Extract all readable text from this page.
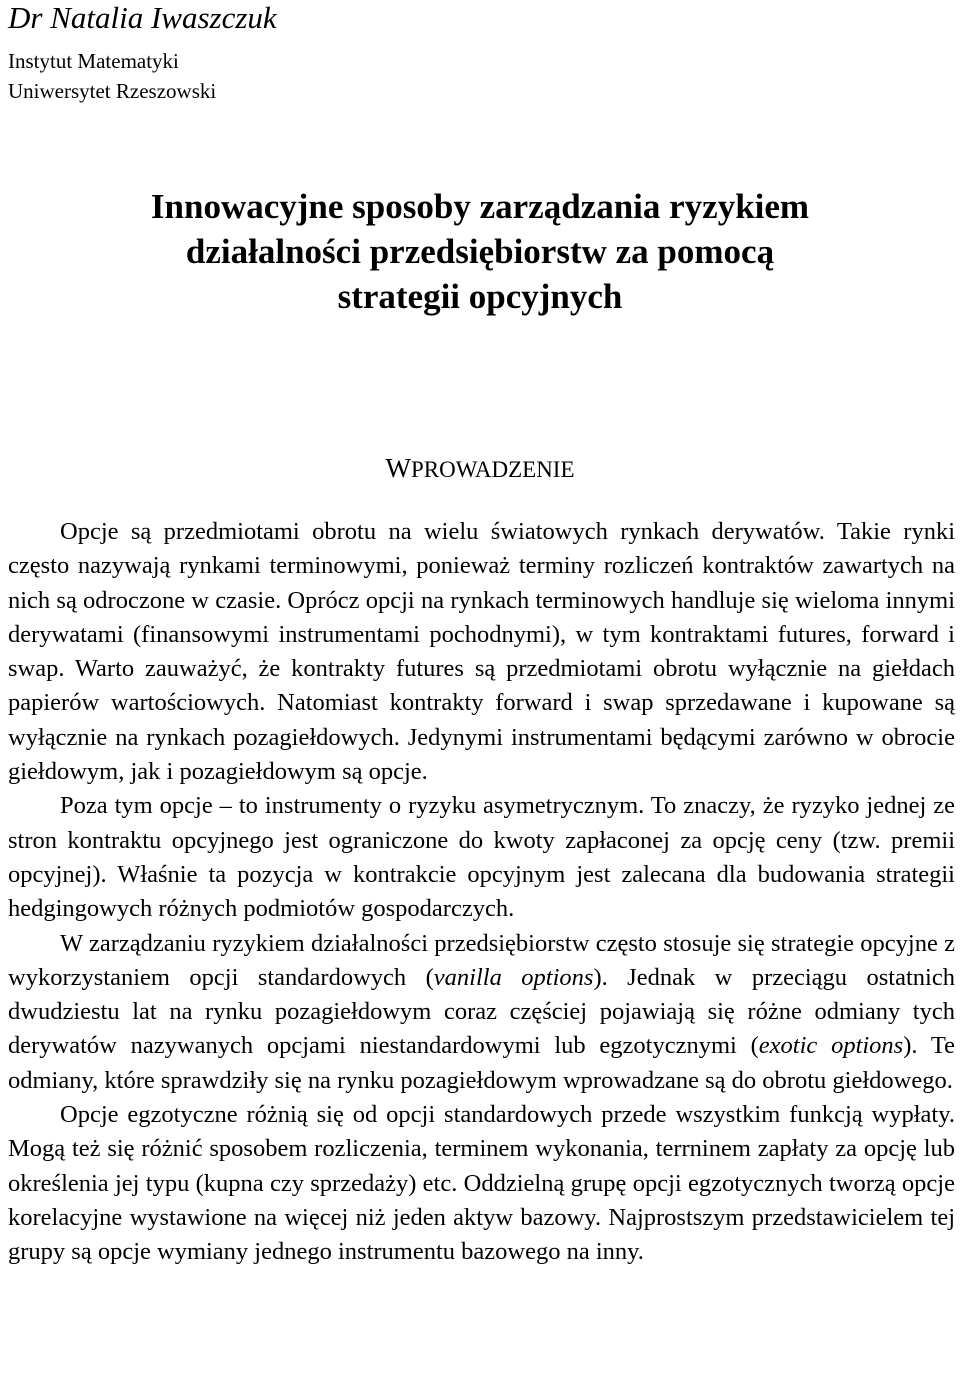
Dr Natalia Iwaszczuk
Instytut Matematyki
Uniwersytet Rzeszowski
Innowacyjne sposoby zarządzania ryzykiem
działalności przedsiębiorstw za pomocą
strategii opcyjnych
WPROWADZENIE

Opcje są przedmiotami obrotu na wielu światowych rynkach derywatów. Takie rynki często nazywają rynkami terminowymi, ponieważ terminy rozliczeń kontraktów zawartych na nich są odroczone w czasie. Oprócz opcji na rynkach terminowych handluje się wieloma innymi derywatami (finansowymi instrumentami pochodnymi), w tym kontraktami futures, forward i swap. Warto zauważyć, że kontrakty futures są przedmiotami obrotu wyłącznie na giełdach papierów wartościowych. Natomiast kontrakty forward i swap sprzedawane i kupowane są wyłącznie na rynkach pozagiełdowych. Jedynymi instrumentami będącymi zarówno w obrocie giełdowym, jak i pozagiełdowym są opcje.

Poza tym opcje – to instrumenty o ryzyku asymetrycznym. To znaczy, że ryzyko jednej ze stron kontraktu opcyjnego jest ograniczone do kwoty zapłaconej za opcję ceny (tzw. premii opcyjnej). Właśnie ta pozycja w kontrakcie opcyjnym jest zalecana dla budowania strategii hedgingowych różnych podmiotów gospodarczych.

W zarządzaniu ryzykiem działalności przedsiębiorstw często stosuje się strategie opcyjne z wykorzystaniem opcji standardowych (vanilla options). Jednak w przeciągu ostatnich dwudziestu lat na rynku pozagiełdowym coraz częściej pojawiają się różne odmiany tych derywatów nazywanych opcjami niestandardowymi lub egzotycznymi (exotic options). Te odmiany, które sprawdziły się na rynku pozagiełdowym wprowadzane są do obrotu giełdowego.

Opcje egzotyczne różnią się od opcji standardowych przede wszystkim funkcją wypłaty. Mogą też się różnić sposobem rozliczenia, terminem wykonania, terrninem zapłaty za opcję lub określenia jej typu (kupna czy sprzedaży) etc. Oddzielną grupę opcji egzotycznych tworzą opcje korelacyjne wystawione na więcej niż jeden aktyw bazowy. Najprostszym przedstawicielem tej grupy są opcje wymiany jednego instrumentu bazowego na inny.
